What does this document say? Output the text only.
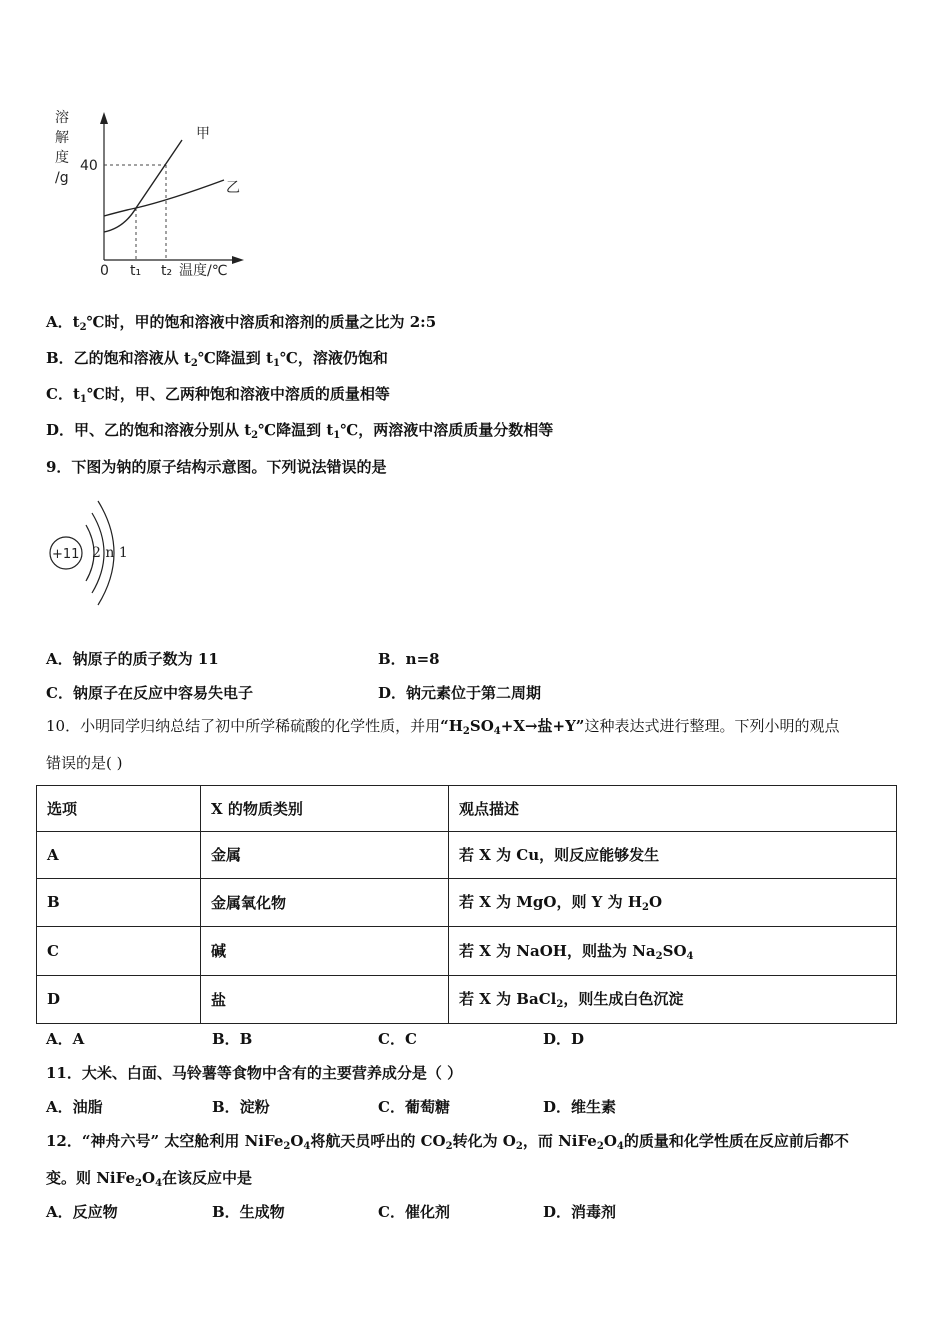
溶
解
度
/g
40
甲
乙
0 t₁ t₂ 温度/℃
A．$t_2℃$时，甲的饱和溶液中溶质和溶剂的质量之比为 2:5
B．乙的饱和溶液从 $t_2℃$降温到 $t_1℃$，溶液仍饱和
C．$t_1℃$时，甲、乙两种饱和溶液中溶质的质量相等
D．甲、乙的饱和溶液分别从 $t_2℃$降温到 $t_1℃$，两溶液中溶质质量分数相等
9．下图为钠的原子结构示意图。下列说法错误的是
+11 2 n 1
A．钠原子的质子数为 11	B．n=8
C．钠原子在反应中容易失电子	D．钠元素位于第二周期
10．小明同学归纳总结了初中所学稀硫酸的化学性质，并用“$H_2SO_4+X\to$盐+Y”这种表达式进行整理。下列小明的观点
错误的是( )
选项	X 的物质类别	观点描述
A	金属	若 X 为 Cu，则反应能够发生
B	金属氧化物	若 X 为 MgO，则 Y 为 $H_2O$
C	碱	若 X 为 NaOH，则盐为 $Na_2SO_4$
D	盐	若 X 为 BaCl$_2$，则生成白色沉淀
A．A	B．B	C．C	D．D
11．大米、白面、马铃薯等食物中含有的主要营养成分是（ ）
A．油脂	B．淀粉	C．葡萄糖	D．维生素
12．“神舟六号” 太空舱利用 $NiFe_2O_4$将航天员呼出的 $CO_2$转化为 $O_2$，而 $NiFe_2O_4$的质量和化学性质在反应前后都不
变。则 $NiFe_2O_4$在该反应中是
A．反应物	B．生成物	C．催化剂	D．消毒剂
